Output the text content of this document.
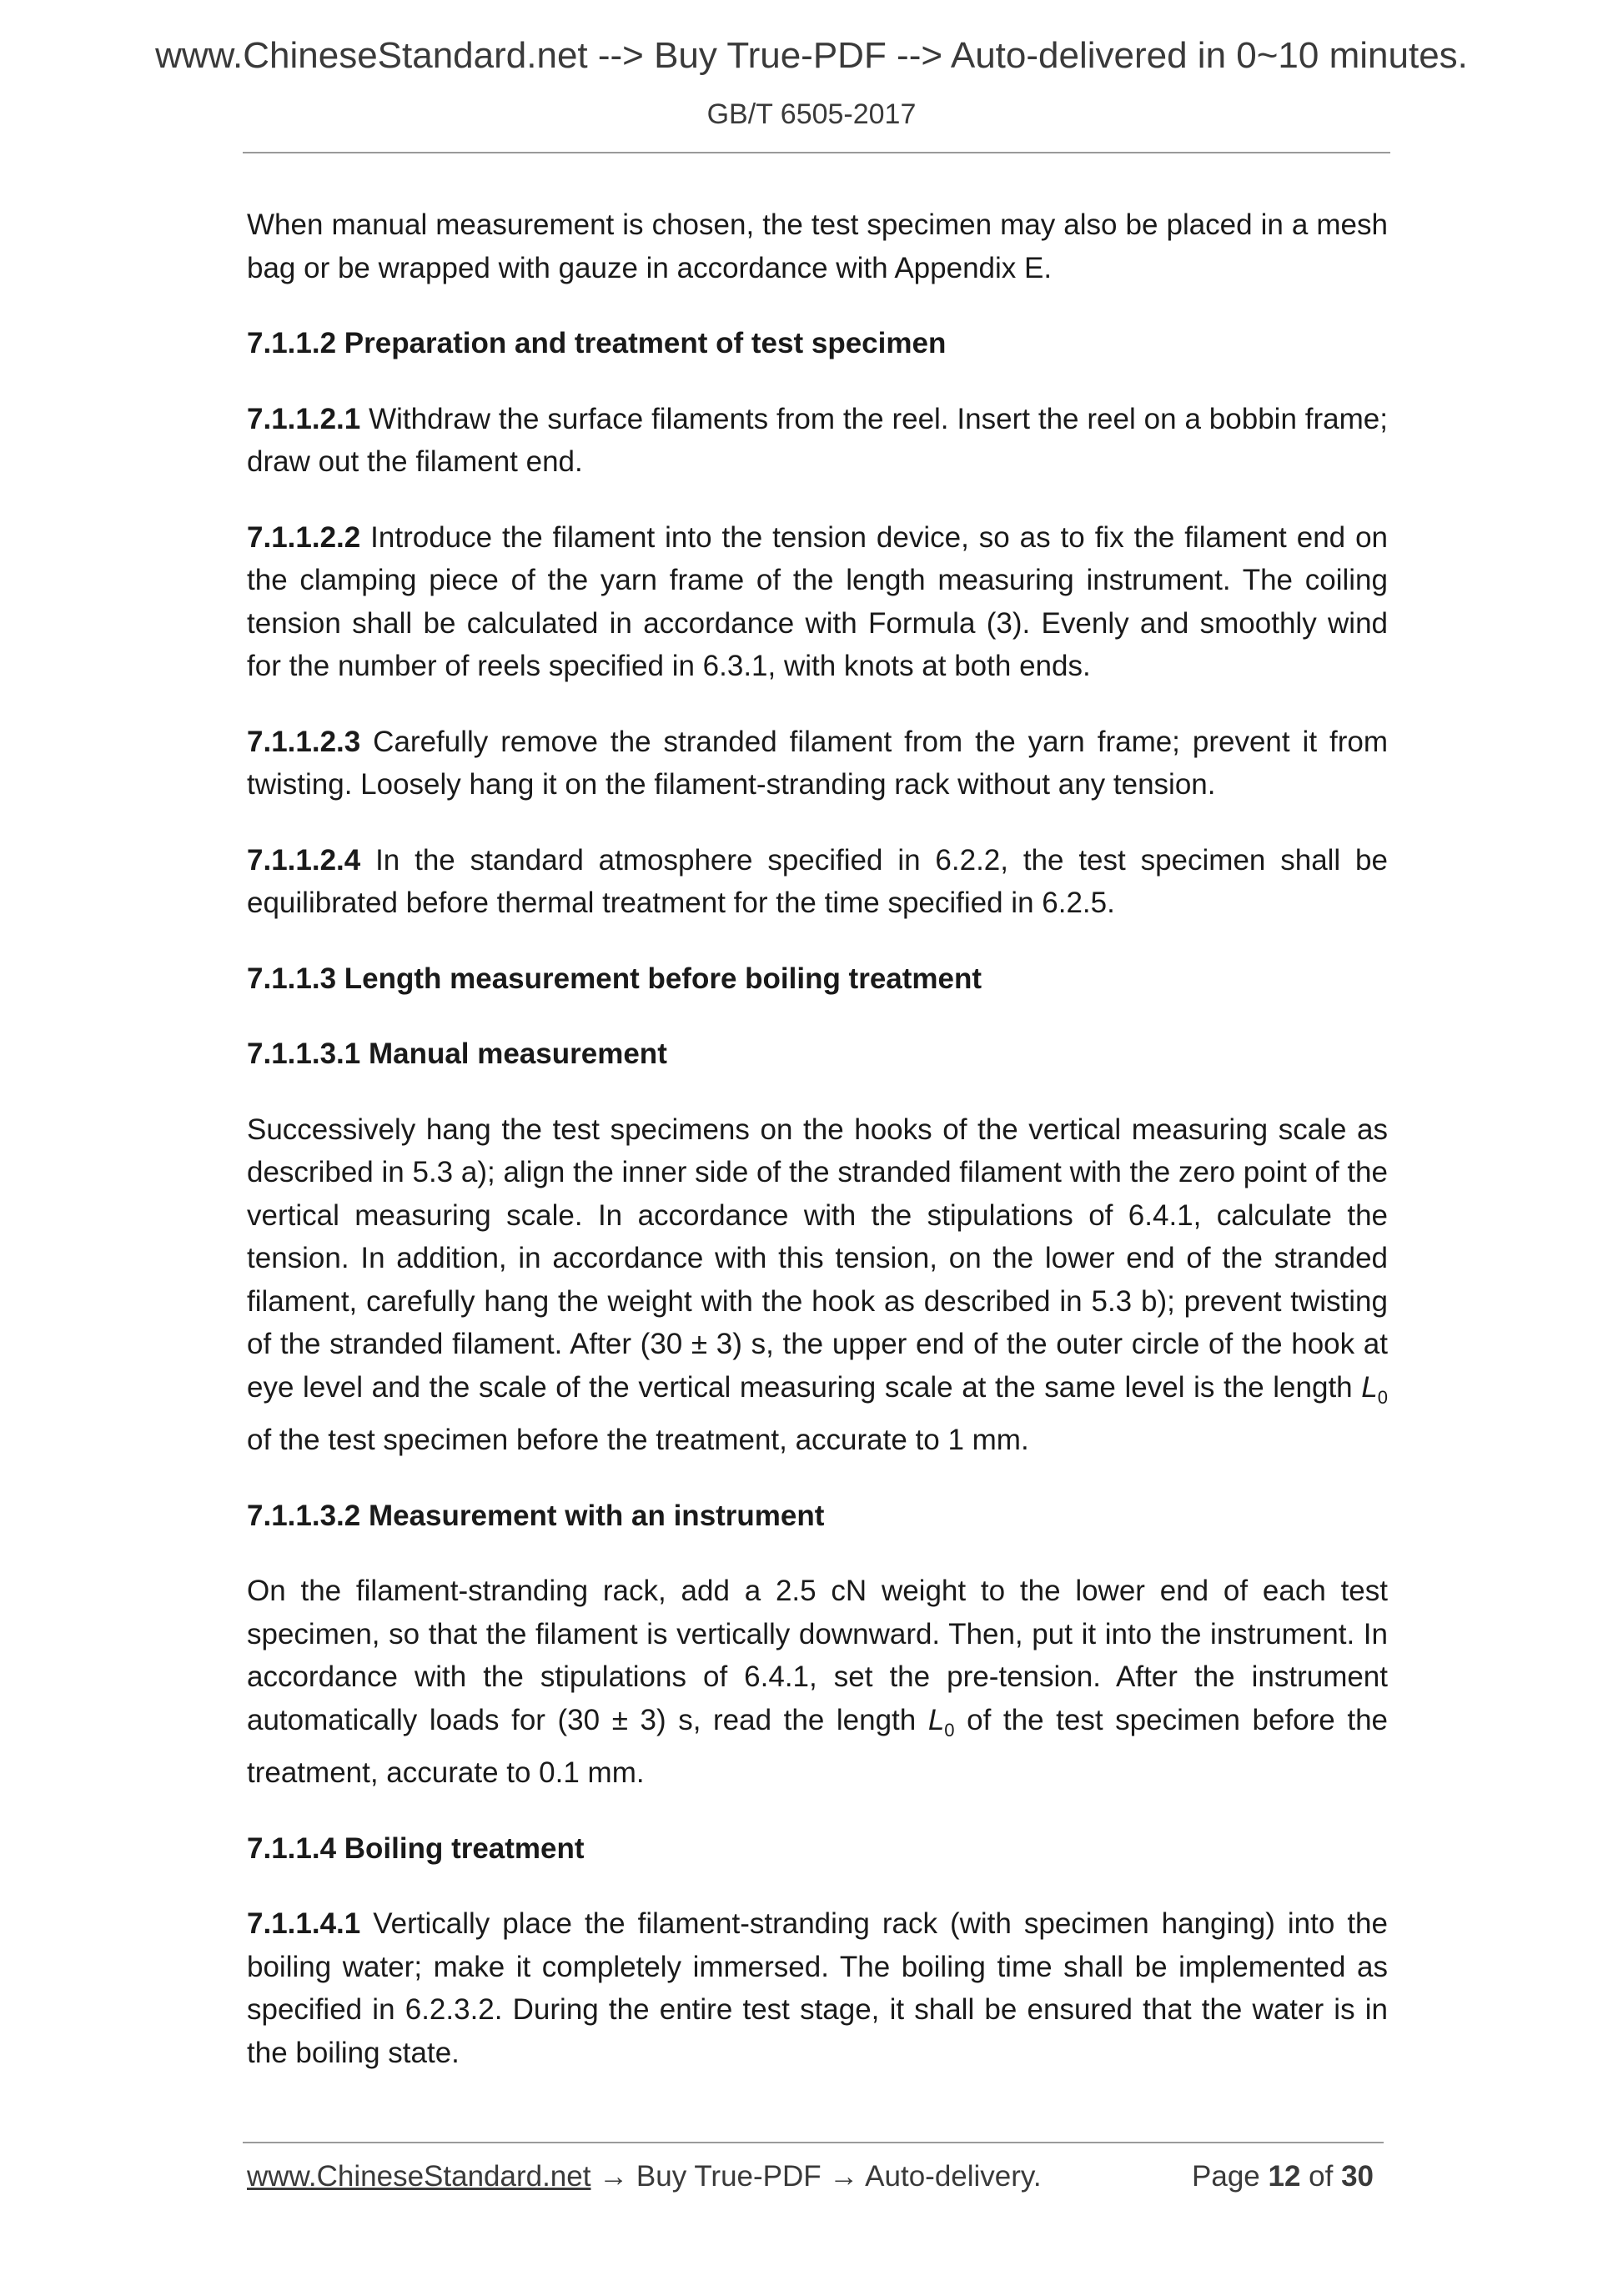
www.ChineseStandard.net --> Buy True-PDF --> Auto-delivered in 0~10 minutes.
GB/T 6505-2017

When manual measurement is chosen, the test specimen may also be placed in a mesh bag or be wrapped with gauze in accordance with Appendix E.

7.1.1.2 Preparation and treatment of test specimen

7.1.1.2.1 Withdraw the surface filaments from the reel. Insert the reel on a bobbin frame; draw out the filament end.

7.1.1.2.2 Introduce the filament into the tension device, so as to fix the filament end on the clamping piece of the yarn frame of the length measuring instrument. The coiling tension shall be calculated in accordance with Formula (3). Evenly and smoothly wind for the number of reels specified in 6.3.1, with knots at both ends.

7.1.1.2.3 Carefully remove the stranded filament from the yarn frame; prevent it from twisting. Loosely hang it on the filament-stranding rack without any tension.

7.1.1.2.4 In the standard atmosphere specified in 6.2.2, the test specimen shall be equilibrated before thermal treatment for the time specified in 6.2.5.

7.1.1.3 Length measurement before boiling treatment

7.1.1.3.1 Manual measurement

Successively hang the test specimens on the hooks of the vertical measuring scale as described in 5.3 a); align the inner side of the stranded filament with the zero point of the vertical measuring scale. In accordance with the stipulations of 6.4.1, calculate the tension. In addition, in accordance with this tension, on the lower end of the stranded filament, carefully hang the weight with the hook as described in 5.3 b); prevent twisting of the stranded filament. After (30 ± 3) s, the upper end of the outer circle of the hook at eye level and the scale of the vertical measuring scale at the same level is the length $L_0$ of the test specimen before the treatment, accurate to 1 mm.

7.1.1.3.2 Measurement with an instrument

On the filament-stranding rack, add a 2.5 cN weight to the lower end of each test specimen, so that the filament is vertically downward. Then, put it into the instrument. In accordance with the stipulations of 6.4.1, set the pre-tension. After the instrument automatically loads for (30 ± 3) s, read the length $L_0$ of the test specimen before the treatment, accurate to 0.1 mm.

7.1.1.4 Boiling treatment

7.1.1.4.1 Vertically place the filament-stranding rack (with specimen hanging) into the boiling water; make it completely immersed. The boiling time shall be implemented as specified in 6.2.3.2. During the entire test stage, it shall be ensured that the water is in the boiling state.

www.ChineseStandard.net → Buy True-PDF → Auto-delivery.	Page 12 of 30
